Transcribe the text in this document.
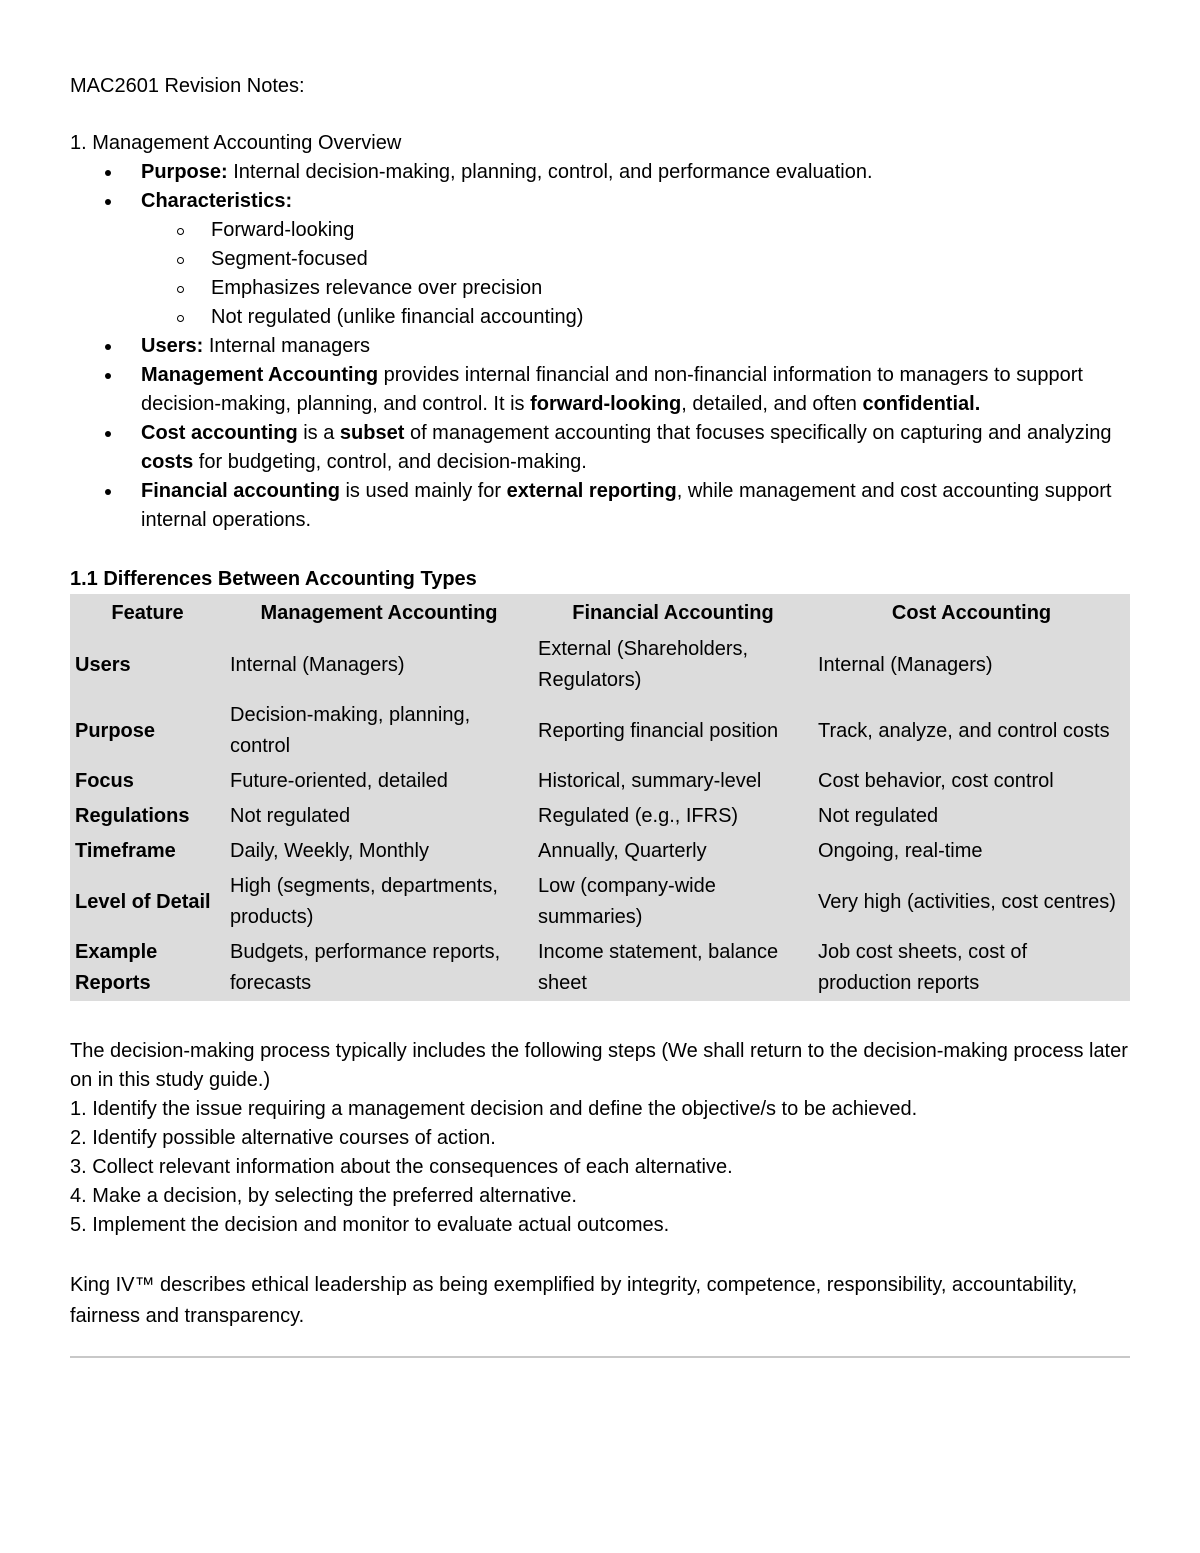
MAC2601 Revision Notes:

1. Management Accounting Overview

Purpose: Internal decision-making, planning, control, and performance evaluation.
Characteristics:
Forward-looking
Segment-focused
Emphasizes relevance over precision
Not regulated (unlike financial accounting)
Users: Internal managers
Management Accounting provides internal financial and non-financial information to managers to support decision-making, planning, and control. It is forward-looking, detailed, and often confidential.
Cost accounting is a subset of management accounting that focuses specifically on capturing and analyzing costs for budgeting, control, and decision-making.
Financial accounting is used mainly for external reporting, while management and cost accounting support internal operations.

1.1 Differences Between Accounting Types

Feature	Management Accounting	Financial Accounting	Cost Accounting
Users	Internal (Managers)	External (Shareholders, Regulators)	Internal (Managers)
Purpose	Decision-making, planning, control	Reporting financial position	Track, analyze, and control costs
Focus	Future-oriented, detailed	Historical, summary-level	Cost behavior, cost control
Regulations	Not regulated	Regulated (e.g., IFRS)	Not regulated
Timeframe	Daily, Weekly, Monthly	Annually, Quarterly	Ongoing, real-time
Level of Detail	High (segments, departments, products)	Low (company-wide summaries)	Very high (activities, cost centres)
Example Reports	Budgets, performance reports, forecasts	Income statement, balance sheet	Job cost sheets, cost of production reports

The decision-making process typically includes the following steps (We shall return to the decision-making process later on in this study guide.)

1. Identify the issue requiring a management decision and define the objective/s to be achieved.
2. Identify possible alternative courses of action.
3. Collect relevant information about the consequences of each alternative.
4. Make a decision, by selecting the preferred alternative.
5. Implement the decision and monitor to evaluate actual outcomes.

King IV™ describes ethical leadership as being exemplified by integrity, competence, responsibility, accountability, fairness and transparency.
